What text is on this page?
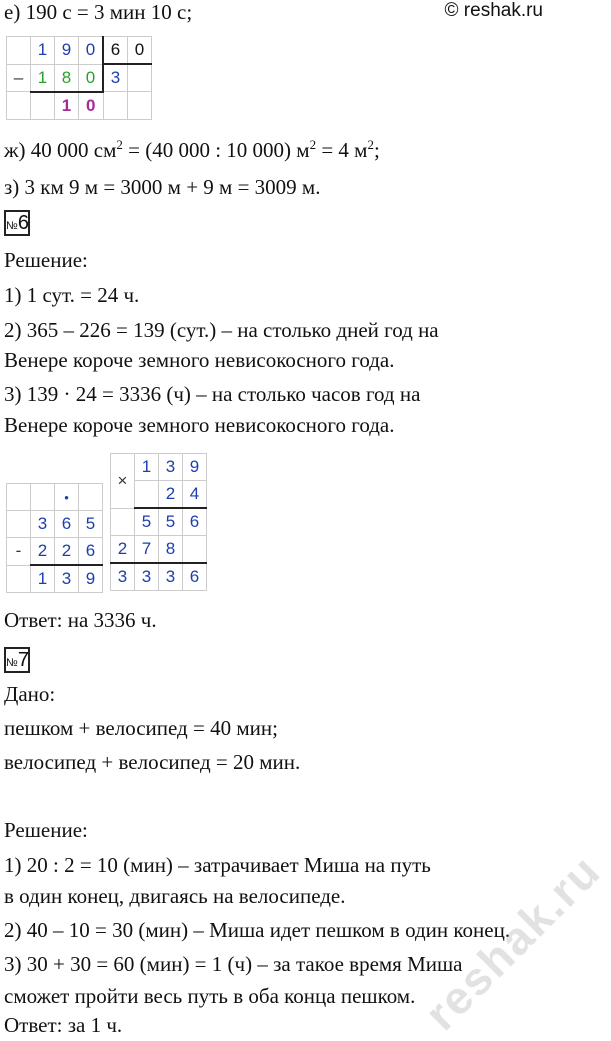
е) 190 с = 3 мин 10 с;	© reshak.ru
	1	9	0	6	0
–	1	8	0	3	
		1	0		
ж) 40 000 $см^2 = (40$ 000 : 10 000) $м^2 = 4$ $м^2$;
з) 3 км 9 м = 3000 м + 9 м = 3009 м.
№6
Решение:
1) 1 сут. = 24 ч.
2) 365 – 226 = 139 (сут.) – на столько дней год на
Венере короче земного невисокосного года.
3) 139 · 24 = 3336 (ч) – на столько часов год на
Венере короче земного невисокосного года.
		•	
	3	6	5
-	2	2	6
	1	3	9
×	1	3	9
		2	4
	5	5	6
2	7	8	
3	3	3	6
Ответ: на 3336 ч.
№7
Дано:
пешком + велосипед = 40 мин;
велосипед + велосипед = 20 мин.
Решение:
1) 20 : 2 = 10 (мин) – затрачивает Миша на путь
в один конец, двигаясь на велосипеде.
2) 40 – 10 = 30 (мин) – Миша идет пешком в один конец.
3) 30 + 30 = 60 (мин) = 1 (ч) – за такое время Миша
сможет пройти весь путь в оба конца пешком.
Ответ: за 1 ч.	reshak.ru
